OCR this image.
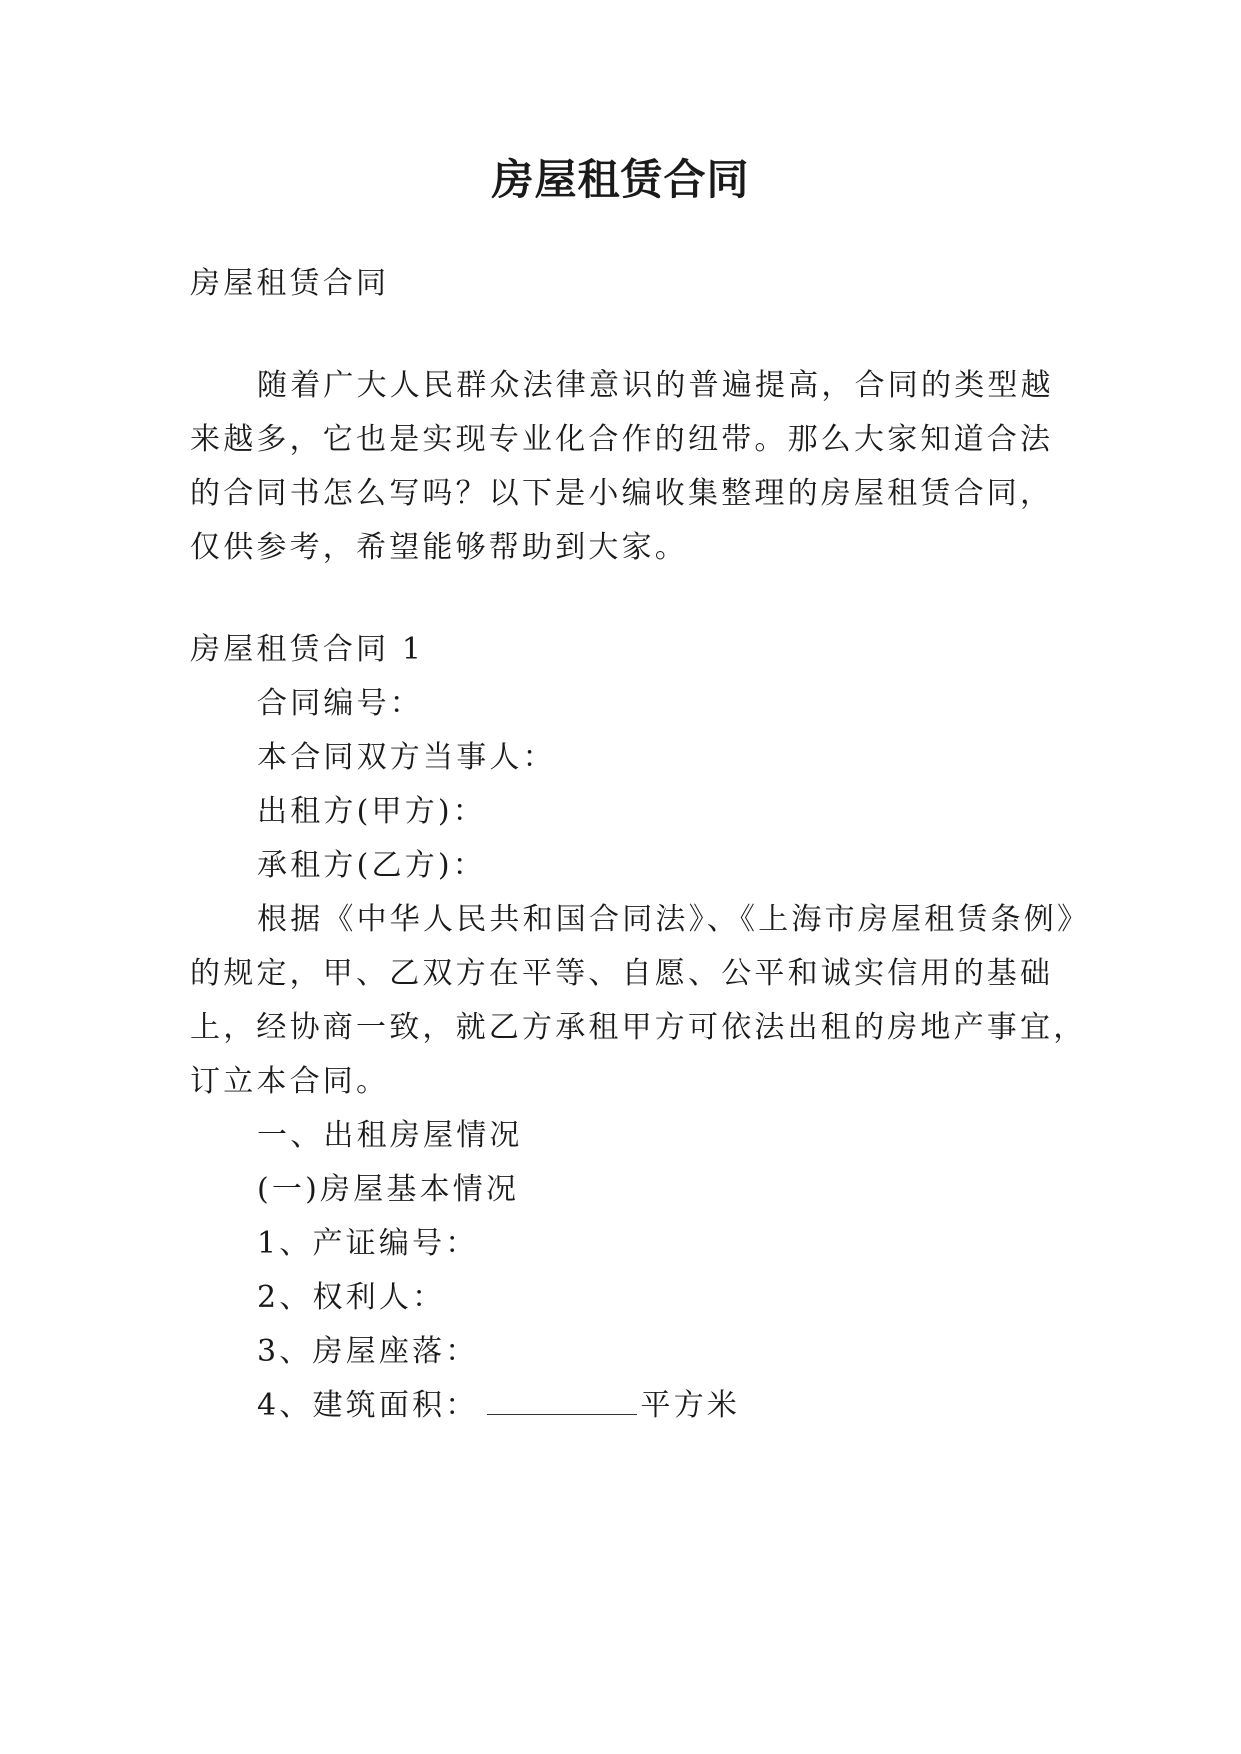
房屋租赁合同
房屋租赁合同
随着广大人民群众法律意识的普遍提高，合同的类型越
来越多，它也是实现专业化合作的纽带。那么大家知道合法
的合同书怎么写吗？以下是小编收集整理的房屋租赁合同，
仅供参考，希望能够帮助到大家。
房屋租赁合同 1
合同编号：
本合同双方当事人：
出租方(甲方)：
承租方(乙方)：
根据《中华人民共和国合同法》、《上海市房屋租赁条例》
的规定，甲、乙双方在平等、自愿、公平和诚实信用的基础
上，经协商一致，就乙方承租甲方可依法出租的房地产事宜，
订立本合同。
一、出租房屋情况
(一)房屋基本情况
1、产证编号：
2、权利人：
3、房屋座落：
4、建筑面积：	平方米
